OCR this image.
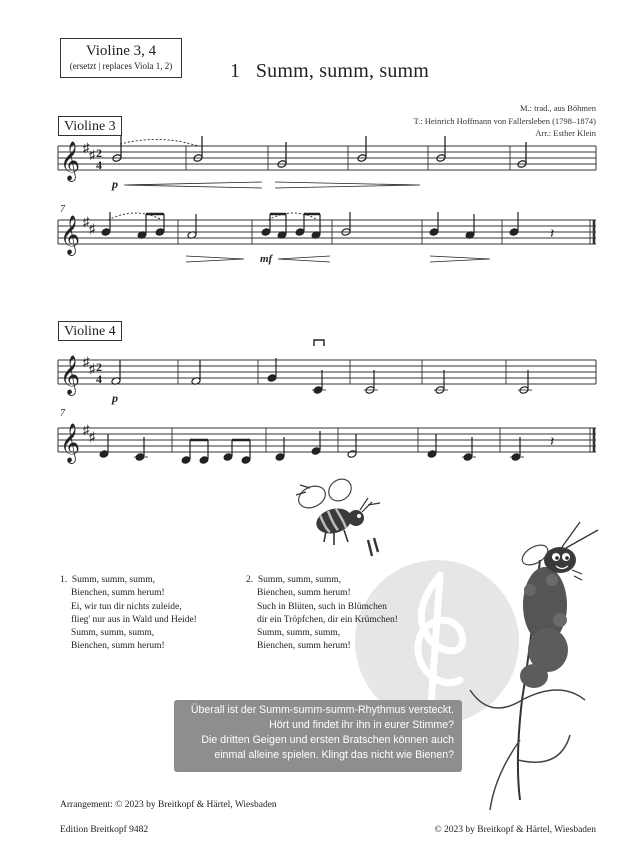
Violine 3, 4
(ersetzt | replaces Viola 1, 2)	1 Summ, summ, summ
M.: trad., aus Böhmen
T.: Heinrich Hoffmann von Fallersleben (1798–1874)
Arr.: Esther Klein
Violine 3
Violine 4
𝄞 ♯ ♯ 2
4
p
7
𝄞 ♯ ♯	𝄽
mf
𝄞 ♯ ♯ 2
4
p
7
𝄞 ♯ ♯	𝄽
1. Summ, summ, summ,
Bienchen, summ herum!
Ei, wir tun dir nichts zuleide,
flieg' nur aus in Wald und Heide!
Summ, summ, summ,
Bienchen, summ herum!
2. Summ, summ, summ,
Bienchen, summ herum!
Such in Blüten, such in Blümchen
dir ein Tröpfchen, dir ein Krümchen!
Summ, summ, summ,
Bienchen, summ herum!
Überall ist der Summ-summ-summ-Rhythmus versteckt.
Hört und findet ihr ihn in eurer Stimme?
Die dritten Geigen und ersten Bratschen können auch
einmal alleine spielen. Klingt das nicht wie Bienen?
Arrangement: © 2023 by Breitkopf & Härtel, Wiesbaden
Edition Breitkopf 9482	© 2023 by Breitkopf & Härtel, Wiesbaden
